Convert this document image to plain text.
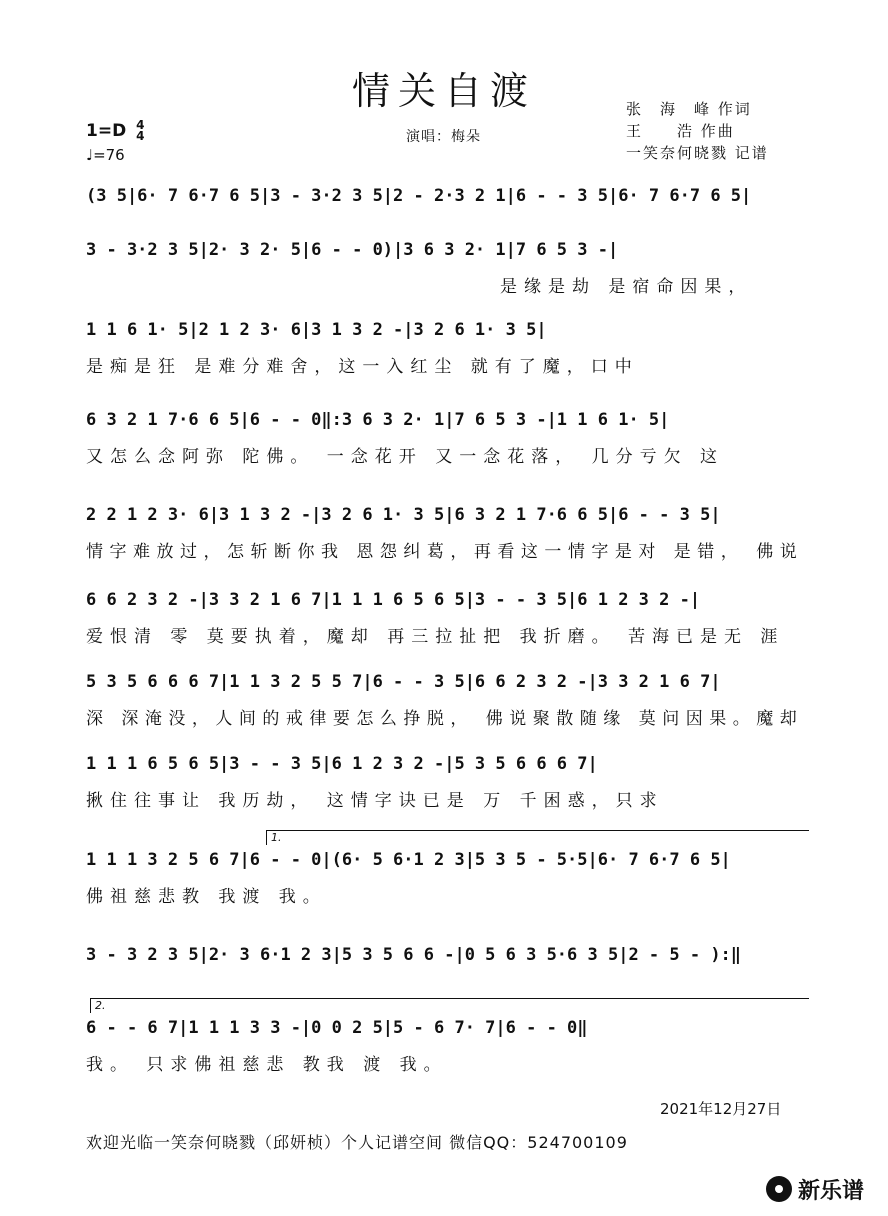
情关自渡	张　海　峰 作词
王　　浩 作曲
一笑奈何晓戮 记谱
1=D 4
4
♩=76
演唱：梅朵
(3 5|6· 7 6·7 6 5|3 - 3·2 3 5|2 - 2·3 2 1|6 - - 3 5|6· 7 6·7 6 5|
3 - 3·2 3 5|2· 3 2· 5|6 - - 0)|3 6 3 2· 1|7 6 5 3 -|
是缘是劫 是宿命因果，
1 1 6 1· 5|2 1 2 3· 6|3 1 3 2 -|3 2 6 1· 3 5|
是痴是狂 是难分难舍，这一入红尘 就有了魔，口中
6 3 2 1 7·6 6 5|6 - - 0‖:3 6 3 2· 1|7 6 5 3 -|1 1 6 1· 5|
又怎么念阿弥 陀佛。 一念花开 又一念花落， 几分亏欠 这
2 2 1 2 3· 6|3 1 3 2 -|3 2 6 1· 3 5|6 3 2 1 7·6 6 5|6 - - 3 5|
情字难放过，怎斩断你我 恩怨纠葛，再看这一情字是对 是错， 佛说
6 6 2 3 2 -|3 3 2 1 6 7|1 1 1 6 5 6 5|3 - - 3 5|6 1 2 3 2 -|
爱恨清 零 莫要执着，魔却 再三拉扯把 我折磨。 苦海已是无 涯
5 3 5 6 6 6 7|1 1 3 2 5 5 7|6 - - 3 5|6 6 2 3 2 -|3 3 2 1 6 7|
深 深淹没，人间的戒律要怎么挣脱， 佛说聚散随缘 莫问因果。魔却
1 1 1 6 5 6 5|3 - - 3 5|6 1 2 3 2 -|5 3 5 6 6 6 7|
揪住往事让 我历劫， 这情字诀已是 万 千困惑，只求
1 1 1 3 2 5 6 7|6 - - 0|(6· 5 6·1 2 3|5 3 5 - 5·5|6· 7 6·7 6 5|
佛祖慈悲教 我渡 我。
3 - 3 2 3 5|2· 3 6·1 2 3|5 3 5 6 6 -|0 5 6 3 5·6 3 5|2 - 5 - ):‖
6 - - 6 7|1 1 1 3 3 -|0 0 2 5|5 - 6 7· 7|6 - - 0‖
我。 只求佛祖慈悲 教我 渡 我。
1.
2.
2021年12月27日
欢迎光临一笑奈何晓戮（邱妍桢）个人记谱空间 微信QQ：524700109
新乐谱
